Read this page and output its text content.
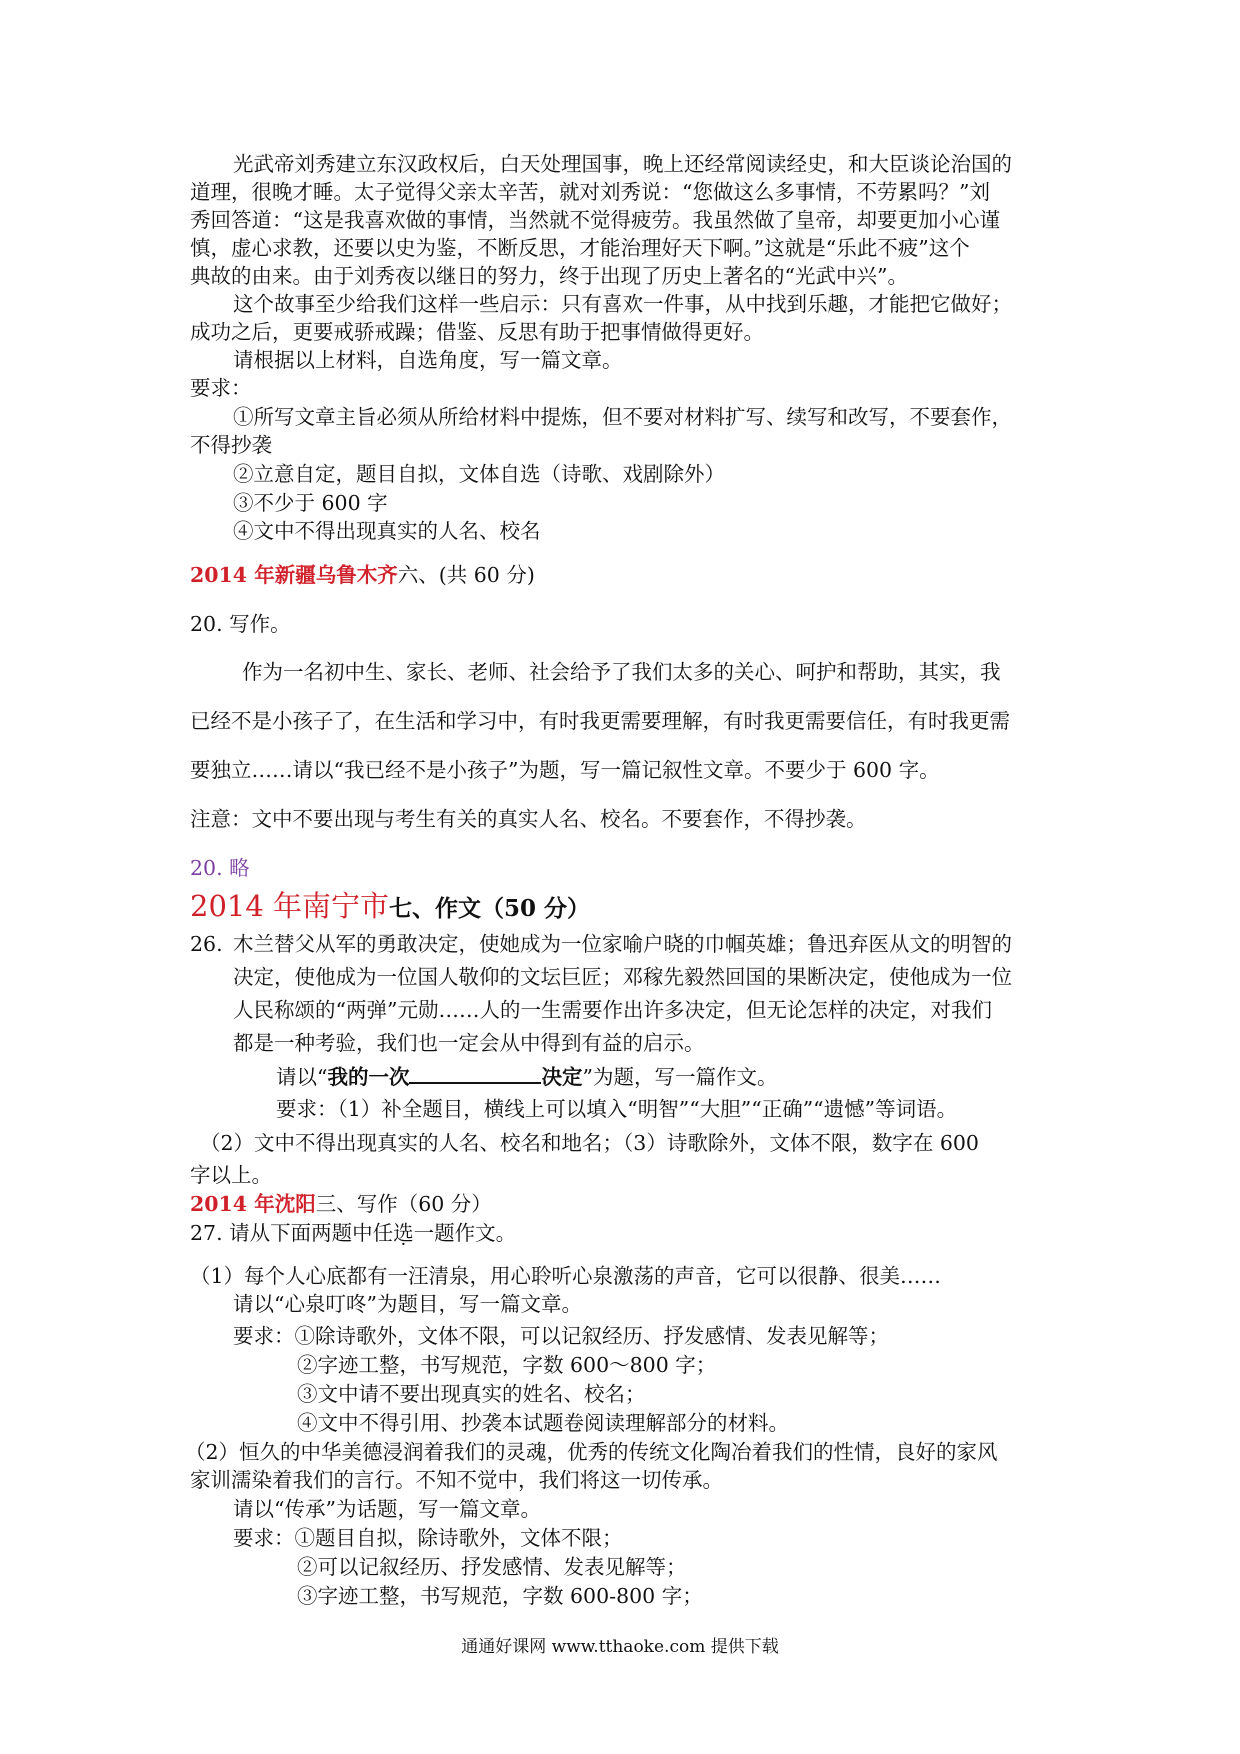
光武帝刘秀建立东汉政权后，白天处理国事，晚上还经常阅读经史，和大臣谈论治国的

道理，很晚才睡。太子觉得父亲太辛苦，就对刘秀说：“您做这么多事情，不劳累吗？”刘

秀回答道：“这是我喜欢做的事情，当然就不觉得疲劳。我虽然做了皇帝，却要更加小心谨

慎，虚心求教，还要以史为鉴，不断反思，才能治理好天下啊。”这就是“乐此不疲”这个

典故的由来。由于刘秀夜以继日的努力，终于出现了历史上著名的“光武中兴”。

这个故事至少给我们这样一些启示：只有喜欢一件事，从中找到乐趣，才能把它做好；

成功之后，更要戒骄戒躁；借鉴、反思有助于把事情做得更好。

请根据以上材料，自选角度，写一篇文章。

要求：

①所写文章主旨必须从所给材料中提炼，但不要对材料扩写、续写和改写，不要套作，

不得抄袭

②立意自定，题目自拟，文体自选（诗歌、戏剧除外）

③不少于 600 字

④文中不得出现真实的人名、校名

2014 年新疆乌鲁木齐六、(共 60 分)

20. 写作。

作为一名初中生、家长、老师、社会给予了我们太多的关心、呵护和帮助，其实，我

已经不是小孩子了，在生活和学习中，有时我更需要理解，有时我更需要信任，有时我更需

要独立……请以“我已经不是小孩子”为题，写一篇记叙性文章。不要少于 600 字。

注意：文中不要出现与考生有关的真实人名、校名。不要套作，不得抄袭。

20. 略

2014 年南宁市七、作文（50 分）

26. 木兰替父从军的勇敢决定，使她成为一位家喻户晓的巾帼英雄；鲁迅弃医从文的明智的

决定，使他成为一位国人敬仰的文坛巨匠；邓稼先毅然回国的果断决定，使他成为一位

人民称颂的“两弹”元勋……人的一生需要作出许多决定，但无论怎样的决定，对我们

都是一种考验，我们也一定会从中得到有益的启示。

请以“我的一次	决定”为题，写一篇作文。

要求：（1）补全题目，横线上可以填入“明智”“大胆”“正确”“遗憾”等词语。

（2）文中不得出现真实的人名、校名和地名；（3）诗歌除外，文体不限，数字在 600

字以上。

2014 年沈阳三、写作（60 分）

27. 请从下面两题中任选一题作文。

（1）每个人心底都有一汪清泉，用心聆听心泉激荡的声音，它可以很静、很美……

请以“心泉叮咚”为题目，写一篇文章。

要求：①除诗歌外，文体不限，可以记叙经历、抒发感情、发表见解等；

②字迹工整，书写规范，字数 600～800 字；

③文中请不要出现真实的姓名、校名；

④文中不得引用、抄袭本试题卷阅读理解部分的材料。

（2）恒久的中华美德浸润着我们的灵魂，优秀的传统文化陶冶着我们的性情，良好的家风

家训濡染着我们的言行。不知不觉中，我们将这一切传承。

请以“传承”为话题，写一篇文章。

要求：①题目自拟，除诗歌外，文体不限；

②可以记叙经历、抒发感情、发表见解等；

③字迹工整，书写规范，字数 600-800 字；

通通好课网 www.tthaoke.com 提供下载
